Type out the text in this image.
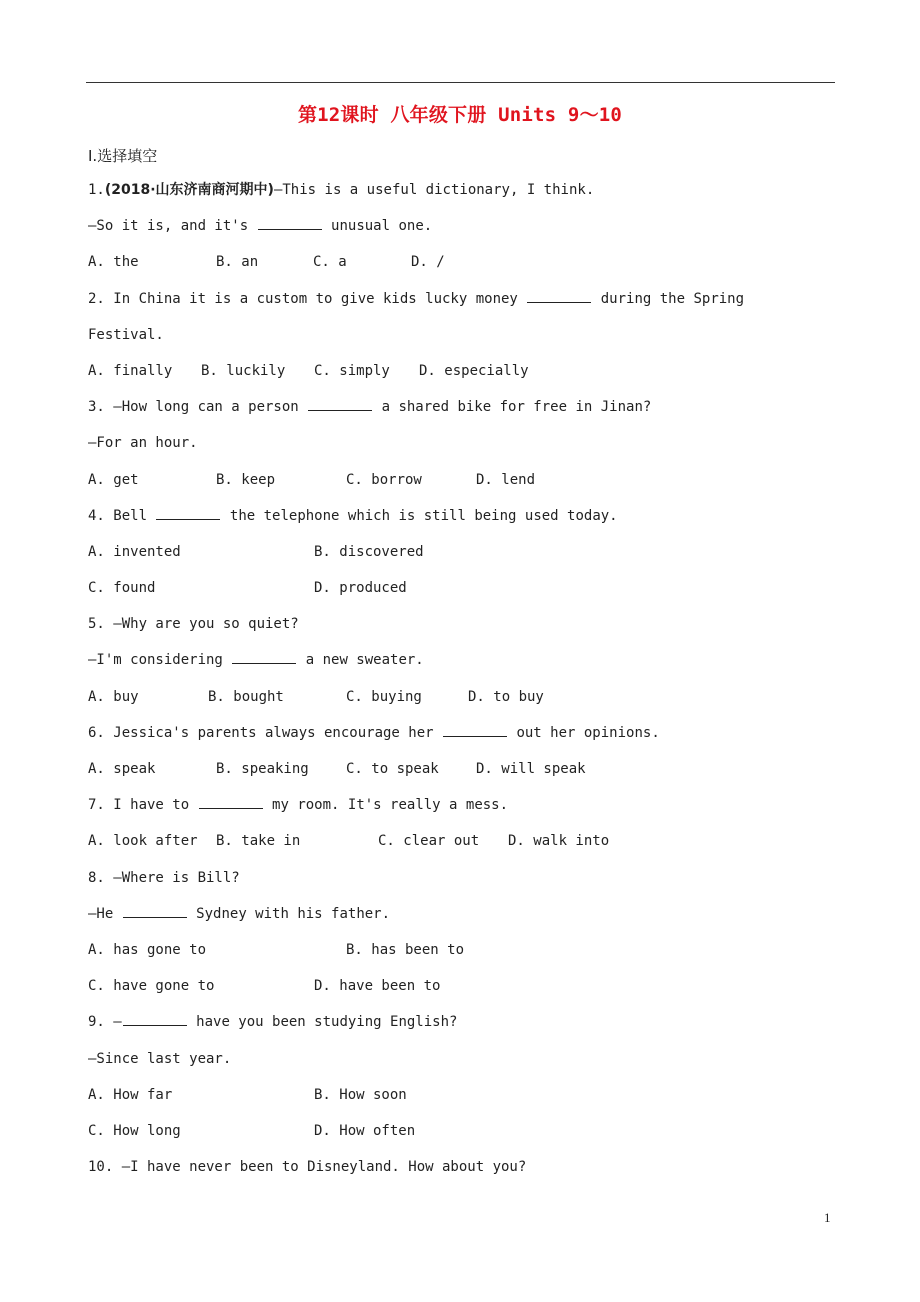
第12课时 八年级下册 Units 9～10
Ⅰ.选择填空
1.(2018·山东济南商河期中)—This is a useful dictionary, I think.
—So it is, and it's	unusual one.
A. the	B. an	C. a	D. /
2. In China it is a custom to give kids lucky money	during the Spring
Festival.
A. finally B. luckily C. simply D. especially
3. —How long can a person	a shared bike for free in Jinan?
—For an hour.
A. get	B. keep	C. borrow	D. lend
4. Bell	the telephone which is still being used today.
A. invented	B. discovered
C. found	D. produced
5. —Why are you so quiet?
—I'm considering	a new sweater.
A. buy	B. bought	C. buying	D. to buy
6. Jessica's parents always encourage her	out her opinions.
A. speak	B. speaking	C. to speak	D. will speak
7. I have to	my room. It's really a mess.
A. look after B. take in	C. clear out D. walk into
8. —Where is Bill?
—He	Sydney with his father.
A. has gone to	B. has been to
C. have gone to	D. have been to
9. —	have you been studying English?
—Since last year.
A. How far	B. How soon
C. How long	D. How often
10. —I have never been to Disneyland. How about you?
1
